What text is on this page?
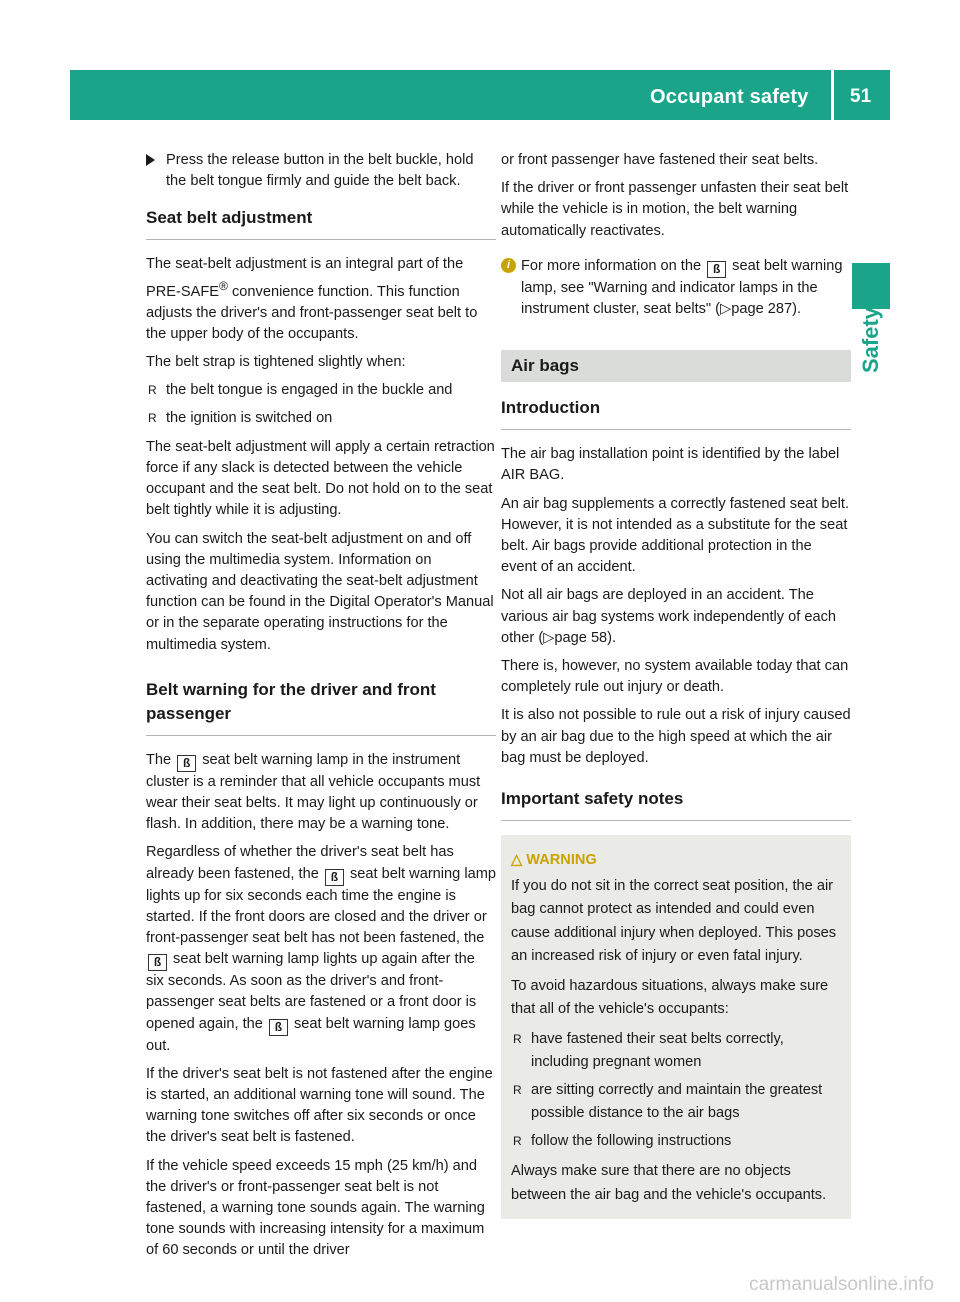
Occupant safety 51
Safety
Press the release button in the belt buckle, hold the belt tongue firmly and guide the belt back.
Seat belt adjustment

The seat-belt adjustment is an integral part of the PRE-SAFE® convenience function. This function adjusts the driver's and front-passenger seat belt to the upper body of the occupants.

The belt strap is tightened slightly when:

R the belt tongue is engaged in the buckle and
R the ignition is switched on

The seat-belt adjustment will apply a certain retraction force if any slack is detected between the vehicle occupant and the seat belt. Do not hold on to the seat belt tightly while it is adjusting.

You can switch the seat-belt adjustment on and off using the multimedia system. Information on activating and deactivating the seat-belt adjustment function can be found in the Digital Operator's Manual or in the separate operating instructions for the multimedia system.

Belt warning for the driver and front passenger

The ß seat belt warning lamp in the instrument cluster is a reminder that all vehicle occupants must wear their seat belts. It may light up continuously or flash. In addition, there may be a warning tone.

Regardless of whether the driver's seat belt has already been fastened, the ß seat belt warning lamp lights up for six seconds each time the engine is started. If the front doors are closed and the driver or front-passenger seat belt has not been fastened, the ß seat belt warning lamp lights up again after the six seconds. As soon as the driver's and front-passenger seat belts are fastened or a front door is opened again, the ß seat belt warning lamp goes out.

If the driver's seat belt is not fastened after the engine is started, an additional warning tone will sound. The warning tone switches off after six seconds or once the driver's seat belt is fastened.

If the vehicle speed exceeds 15 mph (25 km/h) and the driver's or front-passenger seat belt is not fastened, a warning tone sounds again. The warning tone sounds with increasing intensity for a maximum of 60 seconds or until the driver

or front passenger have fastened their seat belts.

If the driver or front passenger unfasten their seat belt while the vehicle is in motion, the belt warning automatically reactivates.

i For more information on the ß seat belt warning lamp, see "Warning and indicator lamps in the instrument cluster, seat belts" (▷page 287).
Air bags
Introduction

The air bag installation point is identified by the label AIR BAG.

An air bag supplements a correctly fastened seat belt. However, it is not intended as a substitute for the seat belt. Air bags provide additional protection in the event of an accident.

Not all air bags are deployed in an accident. The various air bag systems work independently of each other (▷page 58).

There is, however, no system available today that can completely rule out injury or death.

It is also not possible to rule out a risk of injury caused by an air bag due to the high speed at which the air bag must be deployed.

Important safety notes
△ WARNING

If you do not sit in the correct seat position, the air bag cannot protect as intended and could even cause additional injury when deployed. This poses an increased risk of injury or even fatal injury.

To avoid hazardous situations, always make sure that all of the vehicle's occupants:

R have fastened their seat belts correctly, including pregnant women
R are sitting correctly and maintain the greatest possible distance to the air bags
R follow the following instructions

Always make sure that there are no objects between the air bag and the vehicle's occupants.

carmanualsonline.info
